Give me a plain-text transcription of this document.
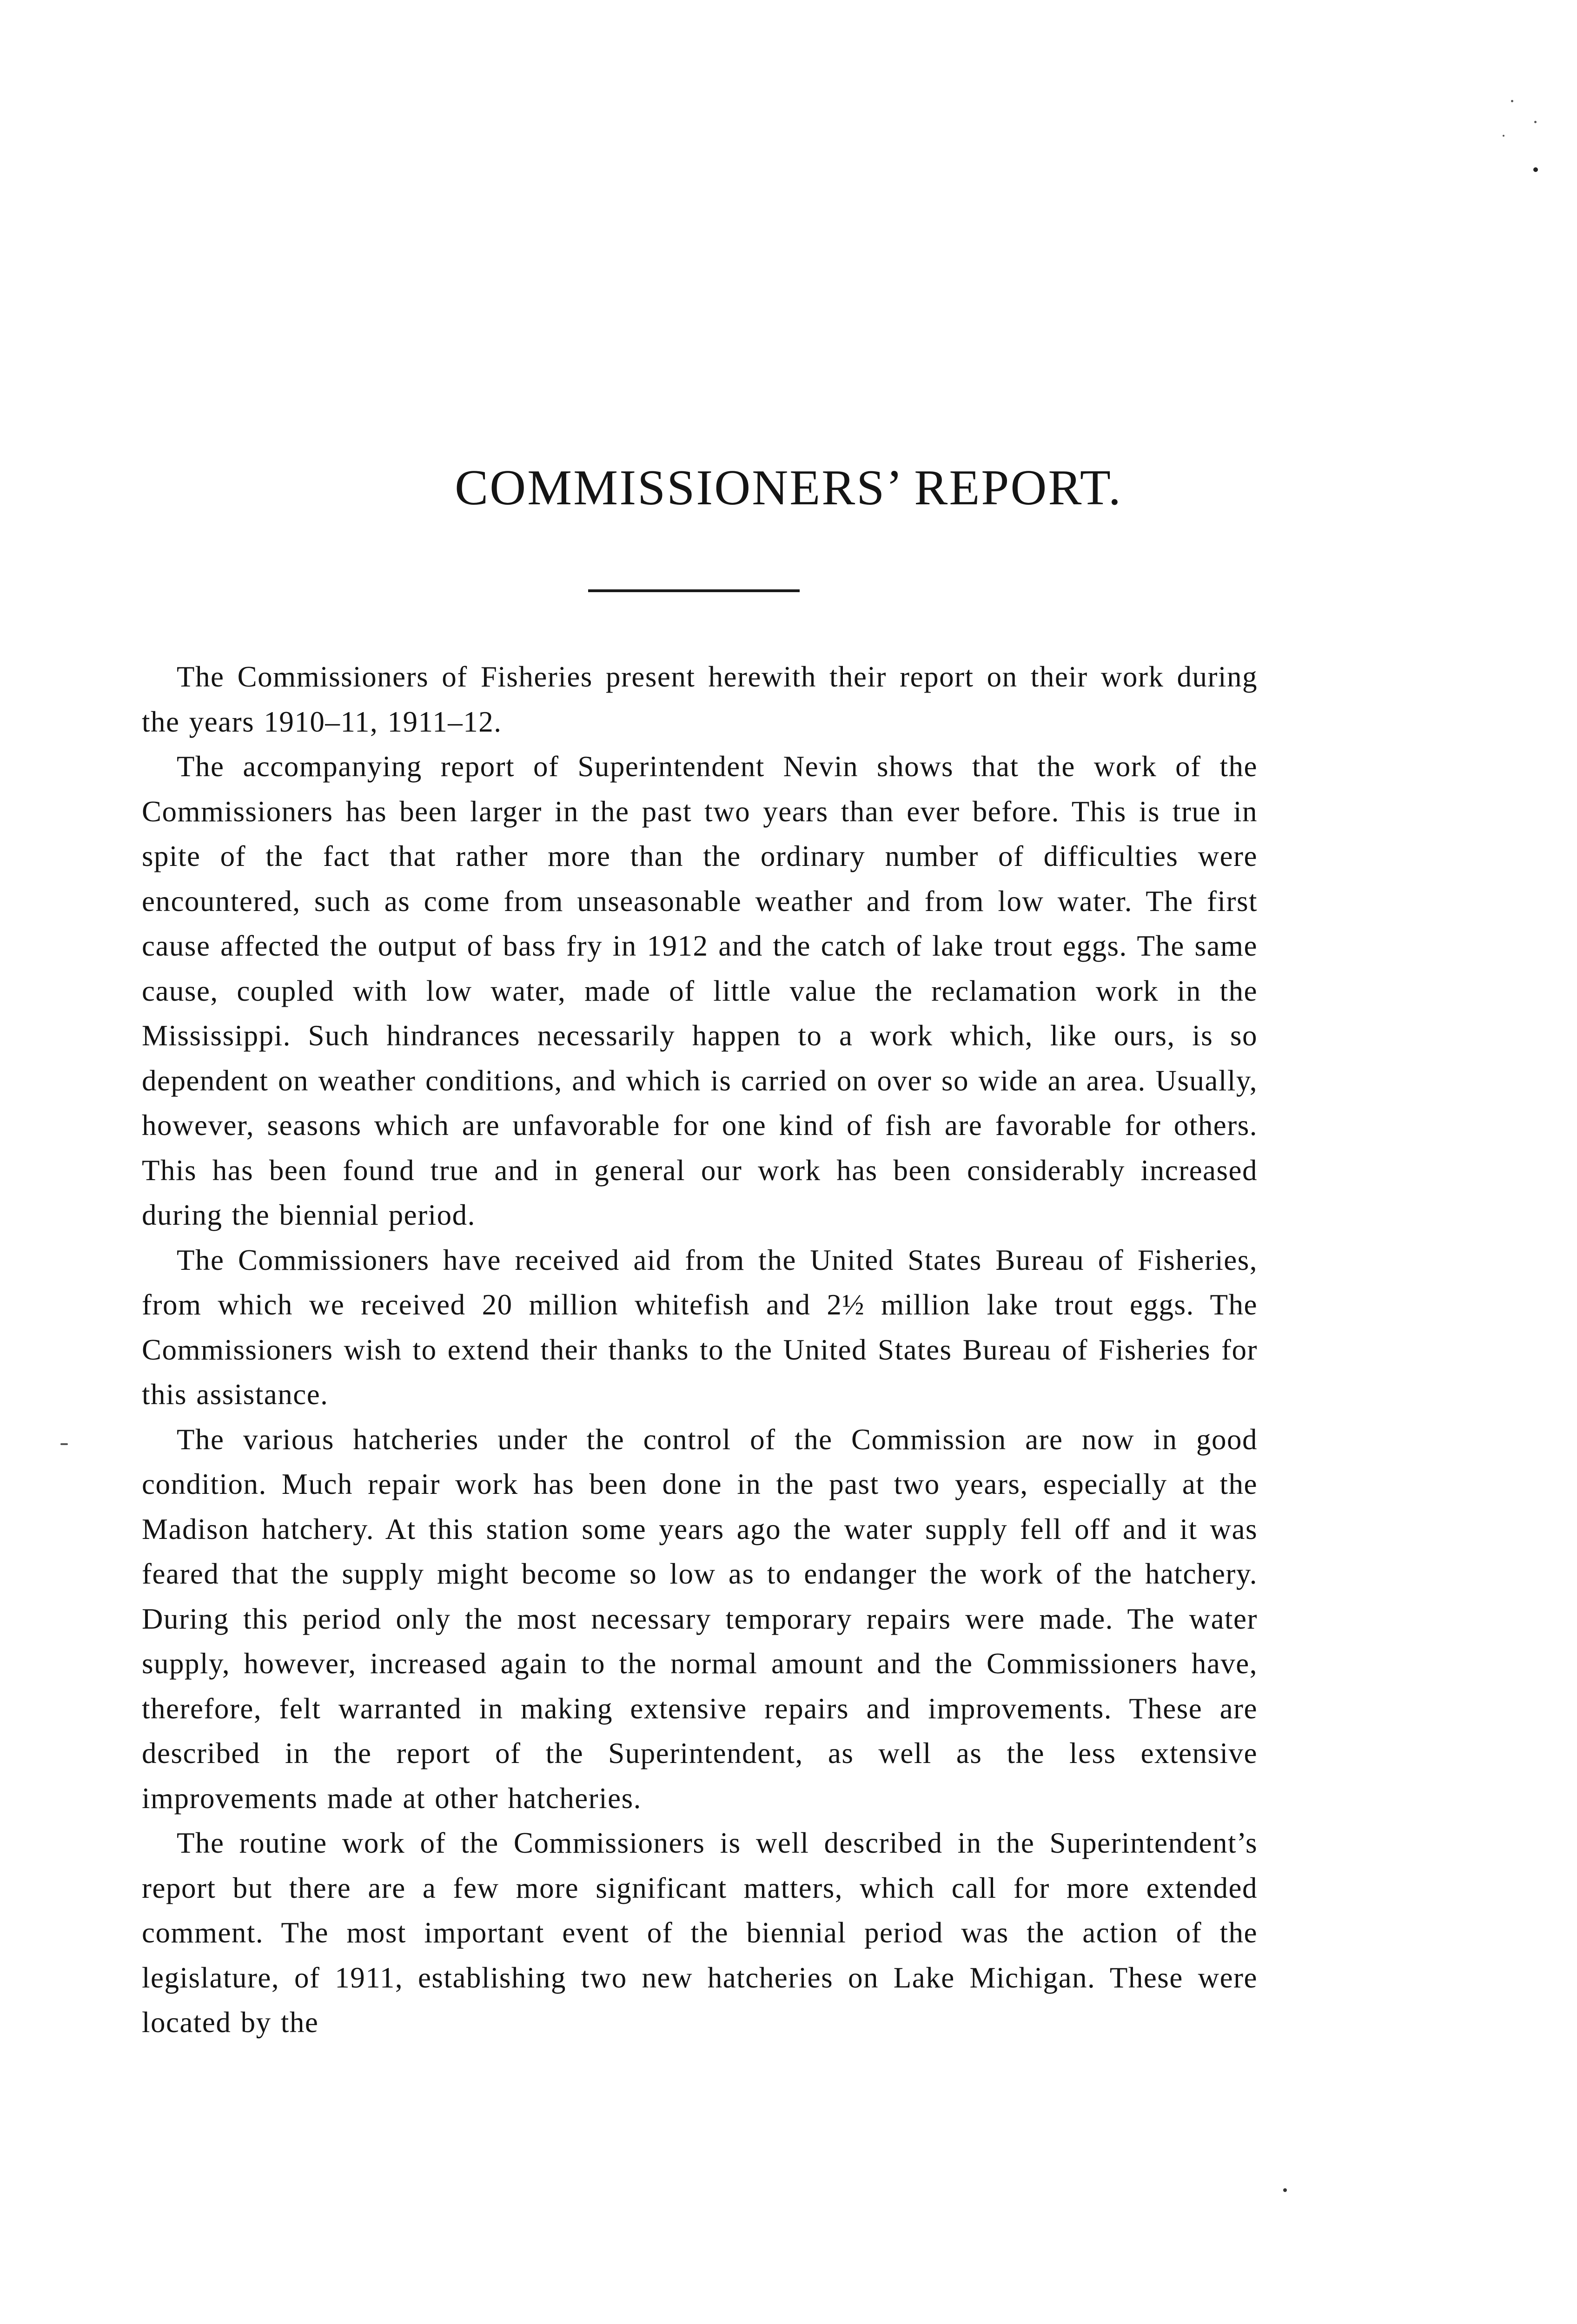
COMMISSIONERS’ REPORT.

The Commissioners of Fisheries present herewith their report on their work during the years 1910–11, 1911–12.

The accompanying report of Superintendent Nevin shows that the work of the Commissioners has been larger in the past two years than ever before. This is true in spite of the fact that rather more than the ordinary number of difficulties were encountered, such as come from unseasonable weather and from low water. The first cause affected the output of bass fry in 1912 and the catch of lake trout eggs. The same cause, coupled with low water, made of little value the reclamation work in the Mississippi. Such hindrances necessarily happen to a work which, like ours, is so dependent on weather conditions, and which is carried on over so wide an area. Usually, however, seasons which are unfavorable for one kind of fish are favorable for others. This has been found true and in general our work has been considerably increased during the biennial period.

The Commissioners have received aid from the United States Bureau of Fisheries, from which we received 20 million whitefish and 2½ million lake trout eggs. The Commissioners wish to extend their thanks to the United States Bureau of Fisheries for this assistance.

The various hatcheries under the control of the Commission are now in good condition. Much repair work has been done in the past two years, especially at the Madison hatchery. At this station some years ago the water supply fell off and it was feared that the supply might become so low as to endanger the work of the hatchery. During this period only the most necessary temporary repairs were made. The water supply, however, increased again to the normal amount and the Commissioners have, therefore, felt warranted in making extensive repairs and improvements. These are described in the report of the Superintendent, as well as the less extensive improvements made at other hatcheries.

The routine work of the Commissioners is well described in the Superintendent’s report but there are a few more significant matters, which call for more extended comment. The most important event of the biennial period was the action of the legislature, of 1911, establishing two new hatcheries on Lake Michigan. These were located by the
